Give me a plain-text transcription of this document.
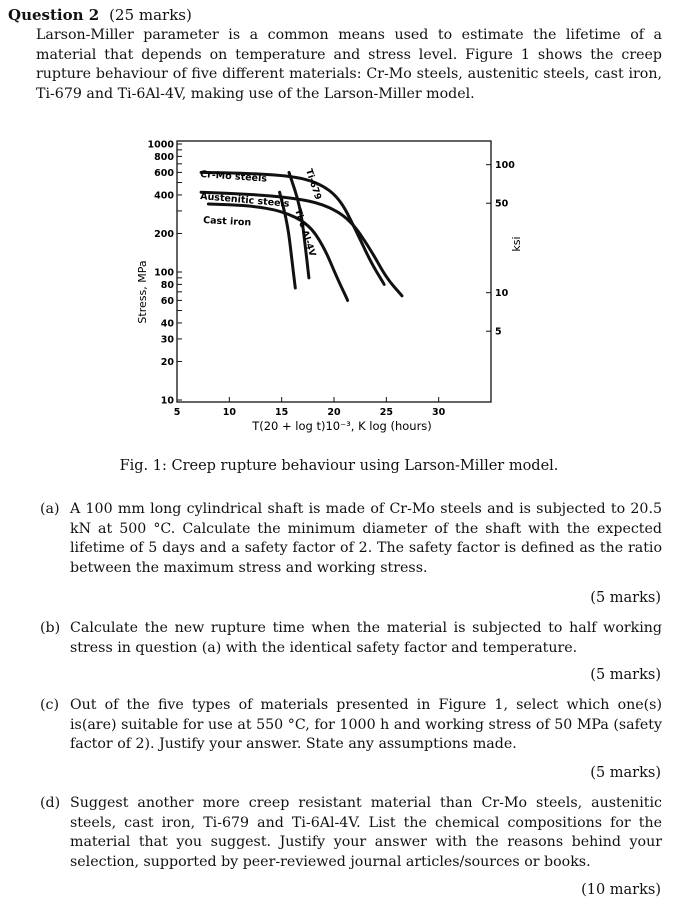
Question 2 (25 marks)
Larson-Miller parameter is a common means used to estimate the lifetime of a material that depends on temperature and stress level. Figure 1 shows the creep rupture behaviour of five different materials: Cr-Mo steels, austenitic steels, cast iron, Ti-679 and Ti-6Al-4V, making use of the Larson-Miller model.
10
20
30
40
60
80
100
200
400
600
800
1000
5
10
50
100
5	10	15	20	25	30
Cr-Mo steels
Austenitic steels
Cast iron
Ti-679
Ti-6 Al-4V
Stress, MPa
ksi
T(20 + log t)10⁻³, K log (hours)
Fig. 1: Creep rupture behaviour using Larson-Miller model.
(a) A 100 mm long cylindrical shaft is made of Cr-Mo steels and is subjected to 20.5 kN at 500 °C. Calculate the minimum diameter of the shaft with the expected lifetime of 5 days and a safety factor of 2. The safety factor is defined as the ratio between the maximum stress and working stress.
(5 marks)
(b) Calculate the new rupture time when the material is subjected to half working stress in question (a) with the identical safety factor and temperature.
(5 marks)
(c) Out of the five types of materials presented in Figure 1, select which one(s) is(are) suitable for use at 550 °C, for 1000 h and working stress of 50 MPa (safety factor of 2). Justify your answer. State any assumptions made.
(5 marks)
(d) Suggest another more creep resistant material than Cr-Mo steels, austenitic steels, cast iron, Ti-679 and Ti-6Al-4V. List the chemical compositions for the material that you suggest. Justify your answer with the reasons behind your selection, supported by peer-reviewed journal articles/sources or books.
(10 marks)
